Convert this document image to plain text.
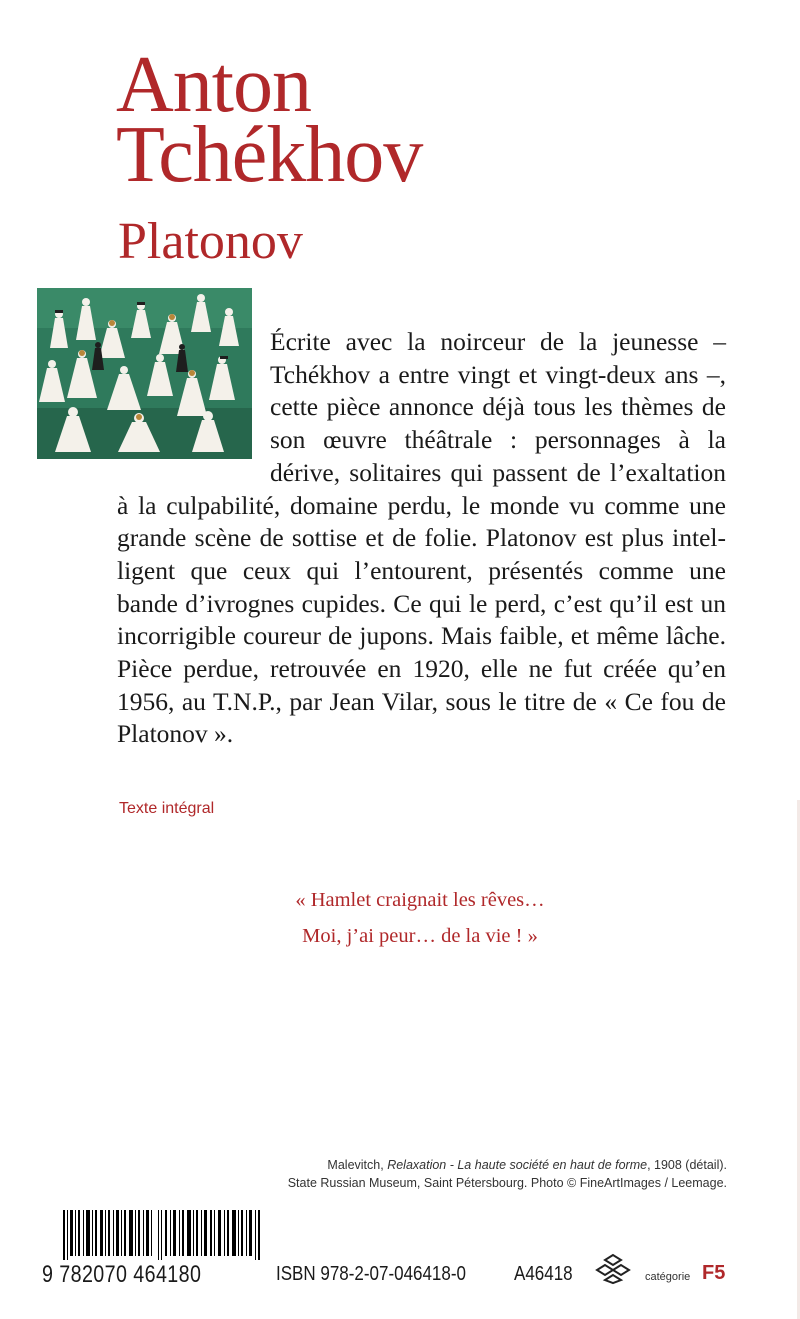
Anton
Tchékhov
Platonov
Écrite avec la noirceur de la jeunesse – Tchékhov a entre vingt et vingt-deux ans –, cette pièce annonce déjà tous les thèmes de son œuvre théâtrale : personnages à la dérive, solitaires qui passent de l’exaltation à la culpabilité, domaine perdu, le monde vu comme une grande scène de sottise et de folie. Platonov est plus intelligent que ceux qui l’entourent, présentés comme une bande d’ivrognes cupides. Ce qui le perd, c’est qu’il est un incorrigible coureur de jupons. Mais faible, et même lâche. Pièce perdue, retrouvée en 1920, elle ne fut créée qu’en 1956, au T.N.P., par Jean Vilar, sous le titre de « Ce fou de Platonov ».
Texte intégral
« Hamlet craignait les rêves…
Moi, j’ai peur… de la vie ! »
Malevitch, Relaxation - La haute société en haut de forme, 1908 (détail).
State Russian Museum, Saint Pétersbourg. Photo © FineArtImages / Leemage.
9 782070 464180	ISBN 978-2-07-046418-0 A46418	catégorie F5
